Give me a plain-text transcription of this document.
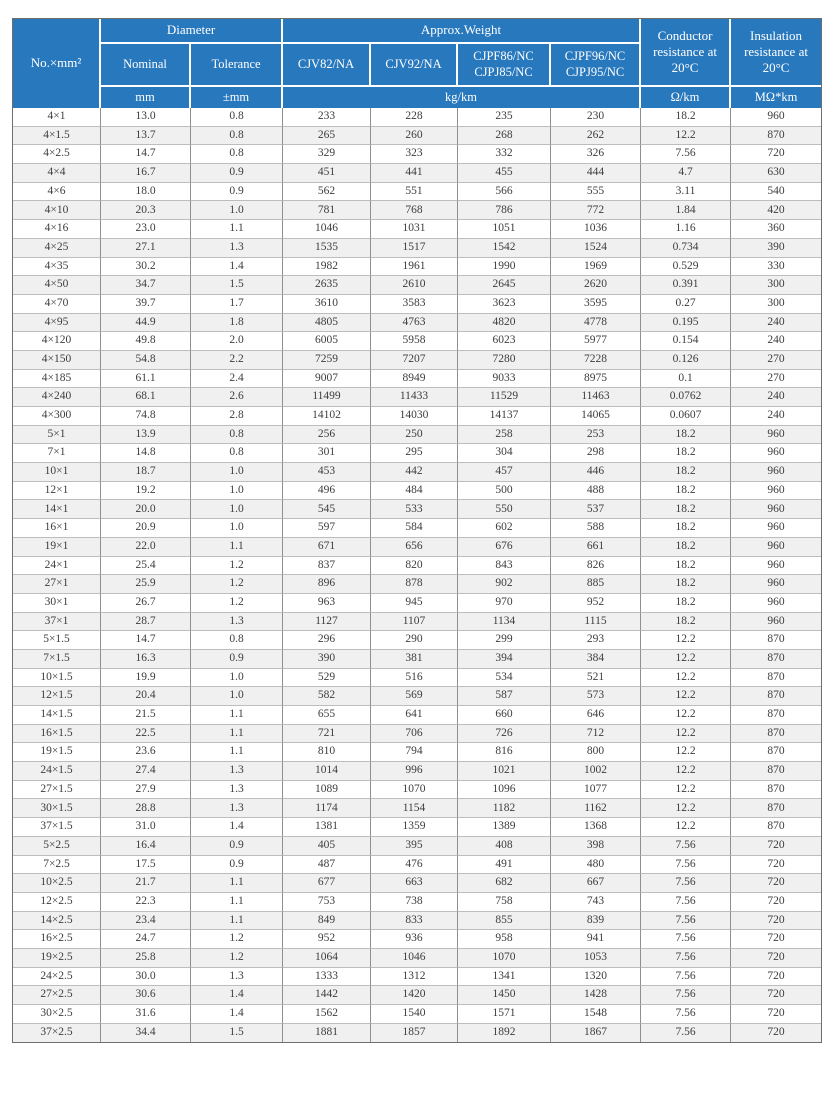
No.×mm²	Diameter		Approx.Weight				Conductor resistance at 20°C	Insulation resistance at 20°C
	Nominal	Tolerance	CJV82/NA	CJV92/NA	CJPF86/NC CJPJ85/NC	CJPF96/NC CJPJ95/NC		
	mm	±mm	kg/km				Ω/km	MΩ*km
4×1	13.0	0.8	233	228	235	230	18.2	960
4×1.5	13.7	0.8	265	260	268	262	12.2	870
4×2.5	14.7	0.8	329	323	332	326	7.56	720
4×4	16.7	0.9	451	441	455	444	4.7	630
4×6	18.0	0.9	562	551	566	555	3.11	540
4×10	20.3	1.0	781	768	786	772	1.84	420
4×16	23.0	1.1	1046	1031	1051	1036	1.16	360
4×25	27.1	1.3	1535	1517	1542	1524	0.734	390
4×35	30.2	1.4	1982	1961	1990	1969	0.529	330
4×50	34.7	1.5	2635	2610	2645	2620	0.391	300
4×70	39.7	1.7	3610	3583	3623	3595	0.27	300
4×95	44.9	1.8	4805	4763	4820	4778	0.195	240
4×120	49.8	2.0	6005	5958	6023	5977	0.154	240
4×150	54.8	2.2	7259	7207	7280	7228	0.126	270
4×185	61.1	2.4	9007	8949	9033	8975	0.1	270
4×240	68.1	2.6	11499	11433	11529	11463	0.0762	240
4×300	74.8	2.8	14102	14030	14137	14065	0.0607	240
5×1	13.9	0.8	256	250	258	253	18.2	960
7×1	14.8	0.8	301	295	304	298	18.2	960
10×1	18.7	1.0	453	442	457	446	18.2	960
12×1	19.2	1.0	496	484	500	488	18.2	960
14×1	20.0	1.0	545	533	550	537	18.2	960
16×1	20.9	1.0	597	584	602	588	18.2	960
19×1	22.0	1.1	671	656	676	661	18.2	960
24×1	25.4	1.2	837	820	843	826	18.2	960
27×1	25.9	1.2	896	878	902	885	18.2	960
30×1	26.7	1.2	963	945	970	952	18.2	960
37×1	28.7	1.3	1127	1107	1134	1115	18.2	960
5×1.5	14.7	0.8	296	290	299	293	12.2	870
7×1.5	16.3	0.9	390	381	394	384	12.2	870
10×1.5	19.9	1.0	529	516	534	521	12.2	870
12×1.5	20.4	1.0	582	569	587	573	12.2	870
14×1.5	21.5	1.1	655	641	660	646	12.2	870
16×1.5	22.5	1.1	721	706	726	712	12.2	870
19×1.5	23.6	1.1	810	794	816	800	12.2	870
24×1.5	27.4	1.3	1014	996	1021	1002	12.2	870
27×1.5	27.9	1.3	1089	1070	1096	1077	12.2	870
30×1.5	28.8	1.3	1174	1154	1182	1162	12.2	870
37×1.5	31.0	1.4	1381	1359	1389	1368	12.2	870
5×2.5	16.4	0.9	405	395	408	398	7.56	720
7×2.5	17.5	0.9	487	476	491	480	7.56	720
10×2.5	21.7	1.1	677	663	682	667	7.56	720
12×2.5	22.3	1.1	753	738	758	743	7.56	720
14×2.5	23.4	1.1	849	833	855	839	7.56	720
16×2.5	24.7	1.2	952	936	958	941	7.56	720
19×2.5	25.8	1.2	1064	1046	1070	1053	7.56	720
24×2.5	30.0	1.3	1333	1312	1341	1320	7.56	720
27×2.5	30.6	1.4	1442	1420	1450	1428	7.56	720
30×2.5	31.6	1.4	1562	1540	1571	1548	7.56	720
37×2.5	34.4	1.5	1881	1857	1892	1867	7.56	720
